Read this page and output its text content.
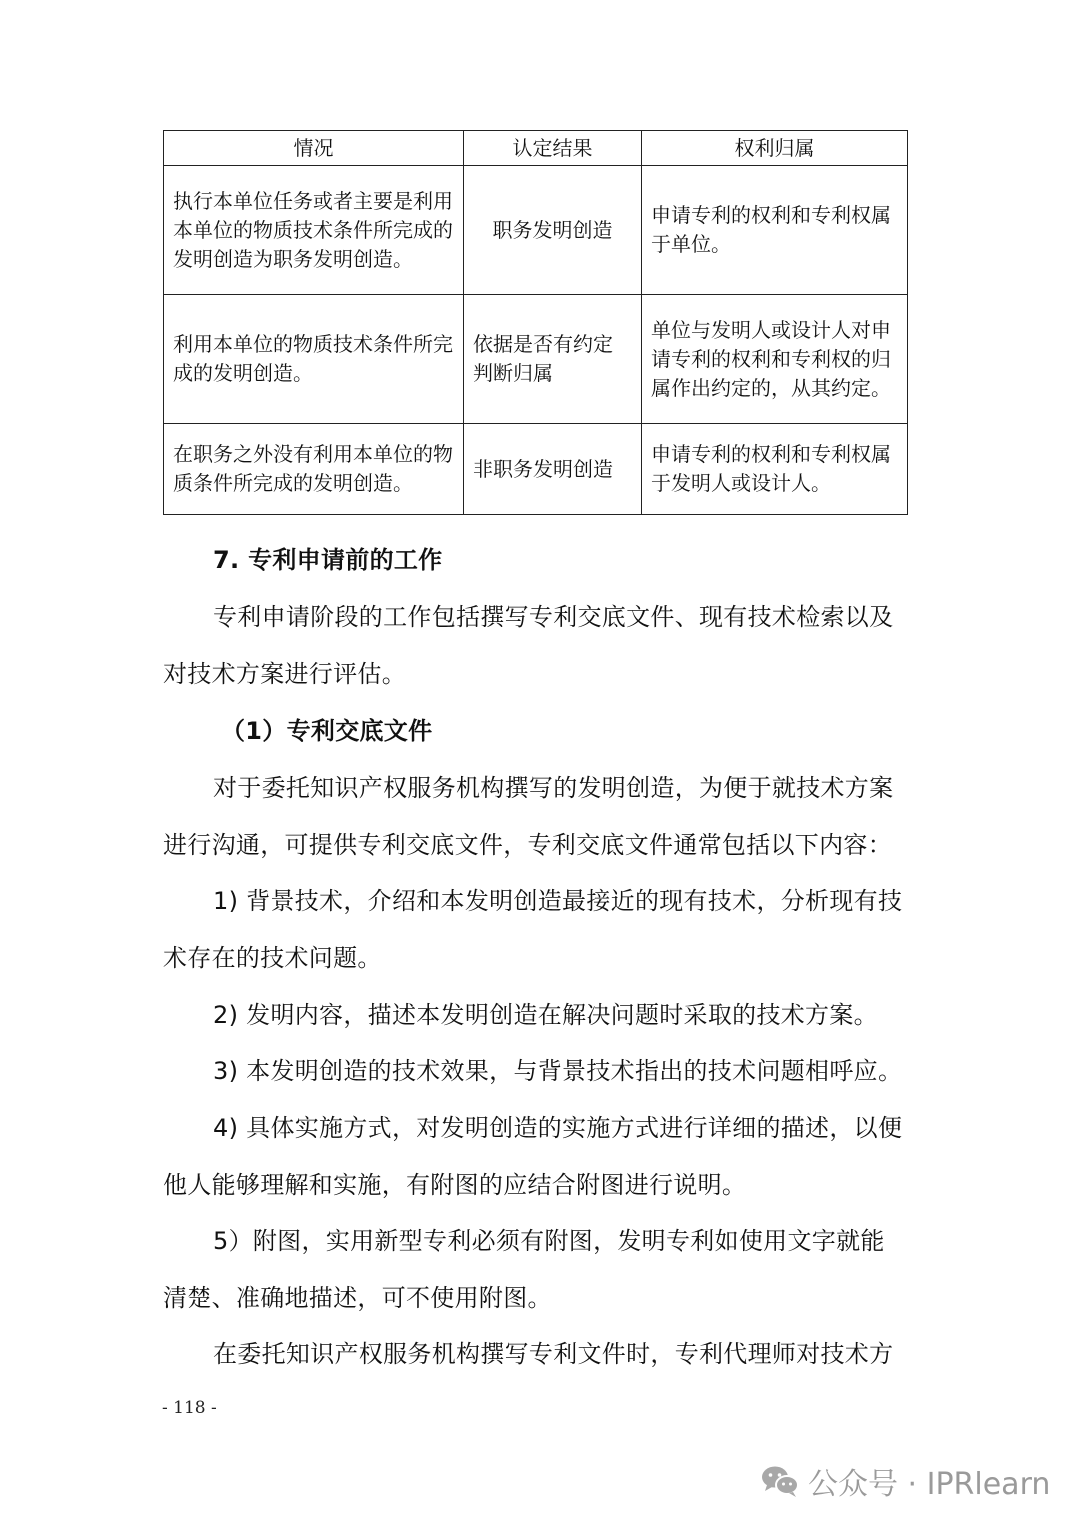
情况	认定结果	权利归属
执行本单位任务或者主要是利用本单位的物质技术条件所完成的发明创造为职务发明创造。	职务发明创造	申请专利的权利和专利权属于单位。
利用本单位的物质技术条件所完成的发明创造。	依据是否有约定判断归属	单位与发明人或设计人对申请专利的权利和专利权的归属作出约定的，从其约定。
在职务之外没有利用本单位的物质条件所完成的发明创造。	非职务发明创造	申请专利的权利和专利权属于发明人或设计人。

7. 专利申请前的工作

专利申请阶段的工作包括撰写专利交底文件、现有技术检索以及

对技术方案进行评估。

（1）专利交底文件

对于委托知识产权服务机构撰写的发明创造，为便于就技术方案

进行沟通，可提供专利交底文件，专利交底文件通常包括以下内容：

1) 背景技术，介绍和本发明创造最接近的现有技术，分析现有技

术存在的技术问题。

2) 发明内容，描述本发明创造在解决问题时采取的技术方案。

3) 本发明创造的技术效果，与背景技术指出的技术问题相呼应。

4) 具体实施方式，对发明创造的实施方式进行详细的描述，以便

他人能够理解和实施，有附图的应结合附图进行说明。

5）附图，实用新型专利必须有附图，发明专利如使用文字就能

清楚、准确地描述，可不使用附图。

在委托知识产权服务机构撰写专利文件时，专利代理师对技术方

- 118 -
公众号 · IPRlearn
